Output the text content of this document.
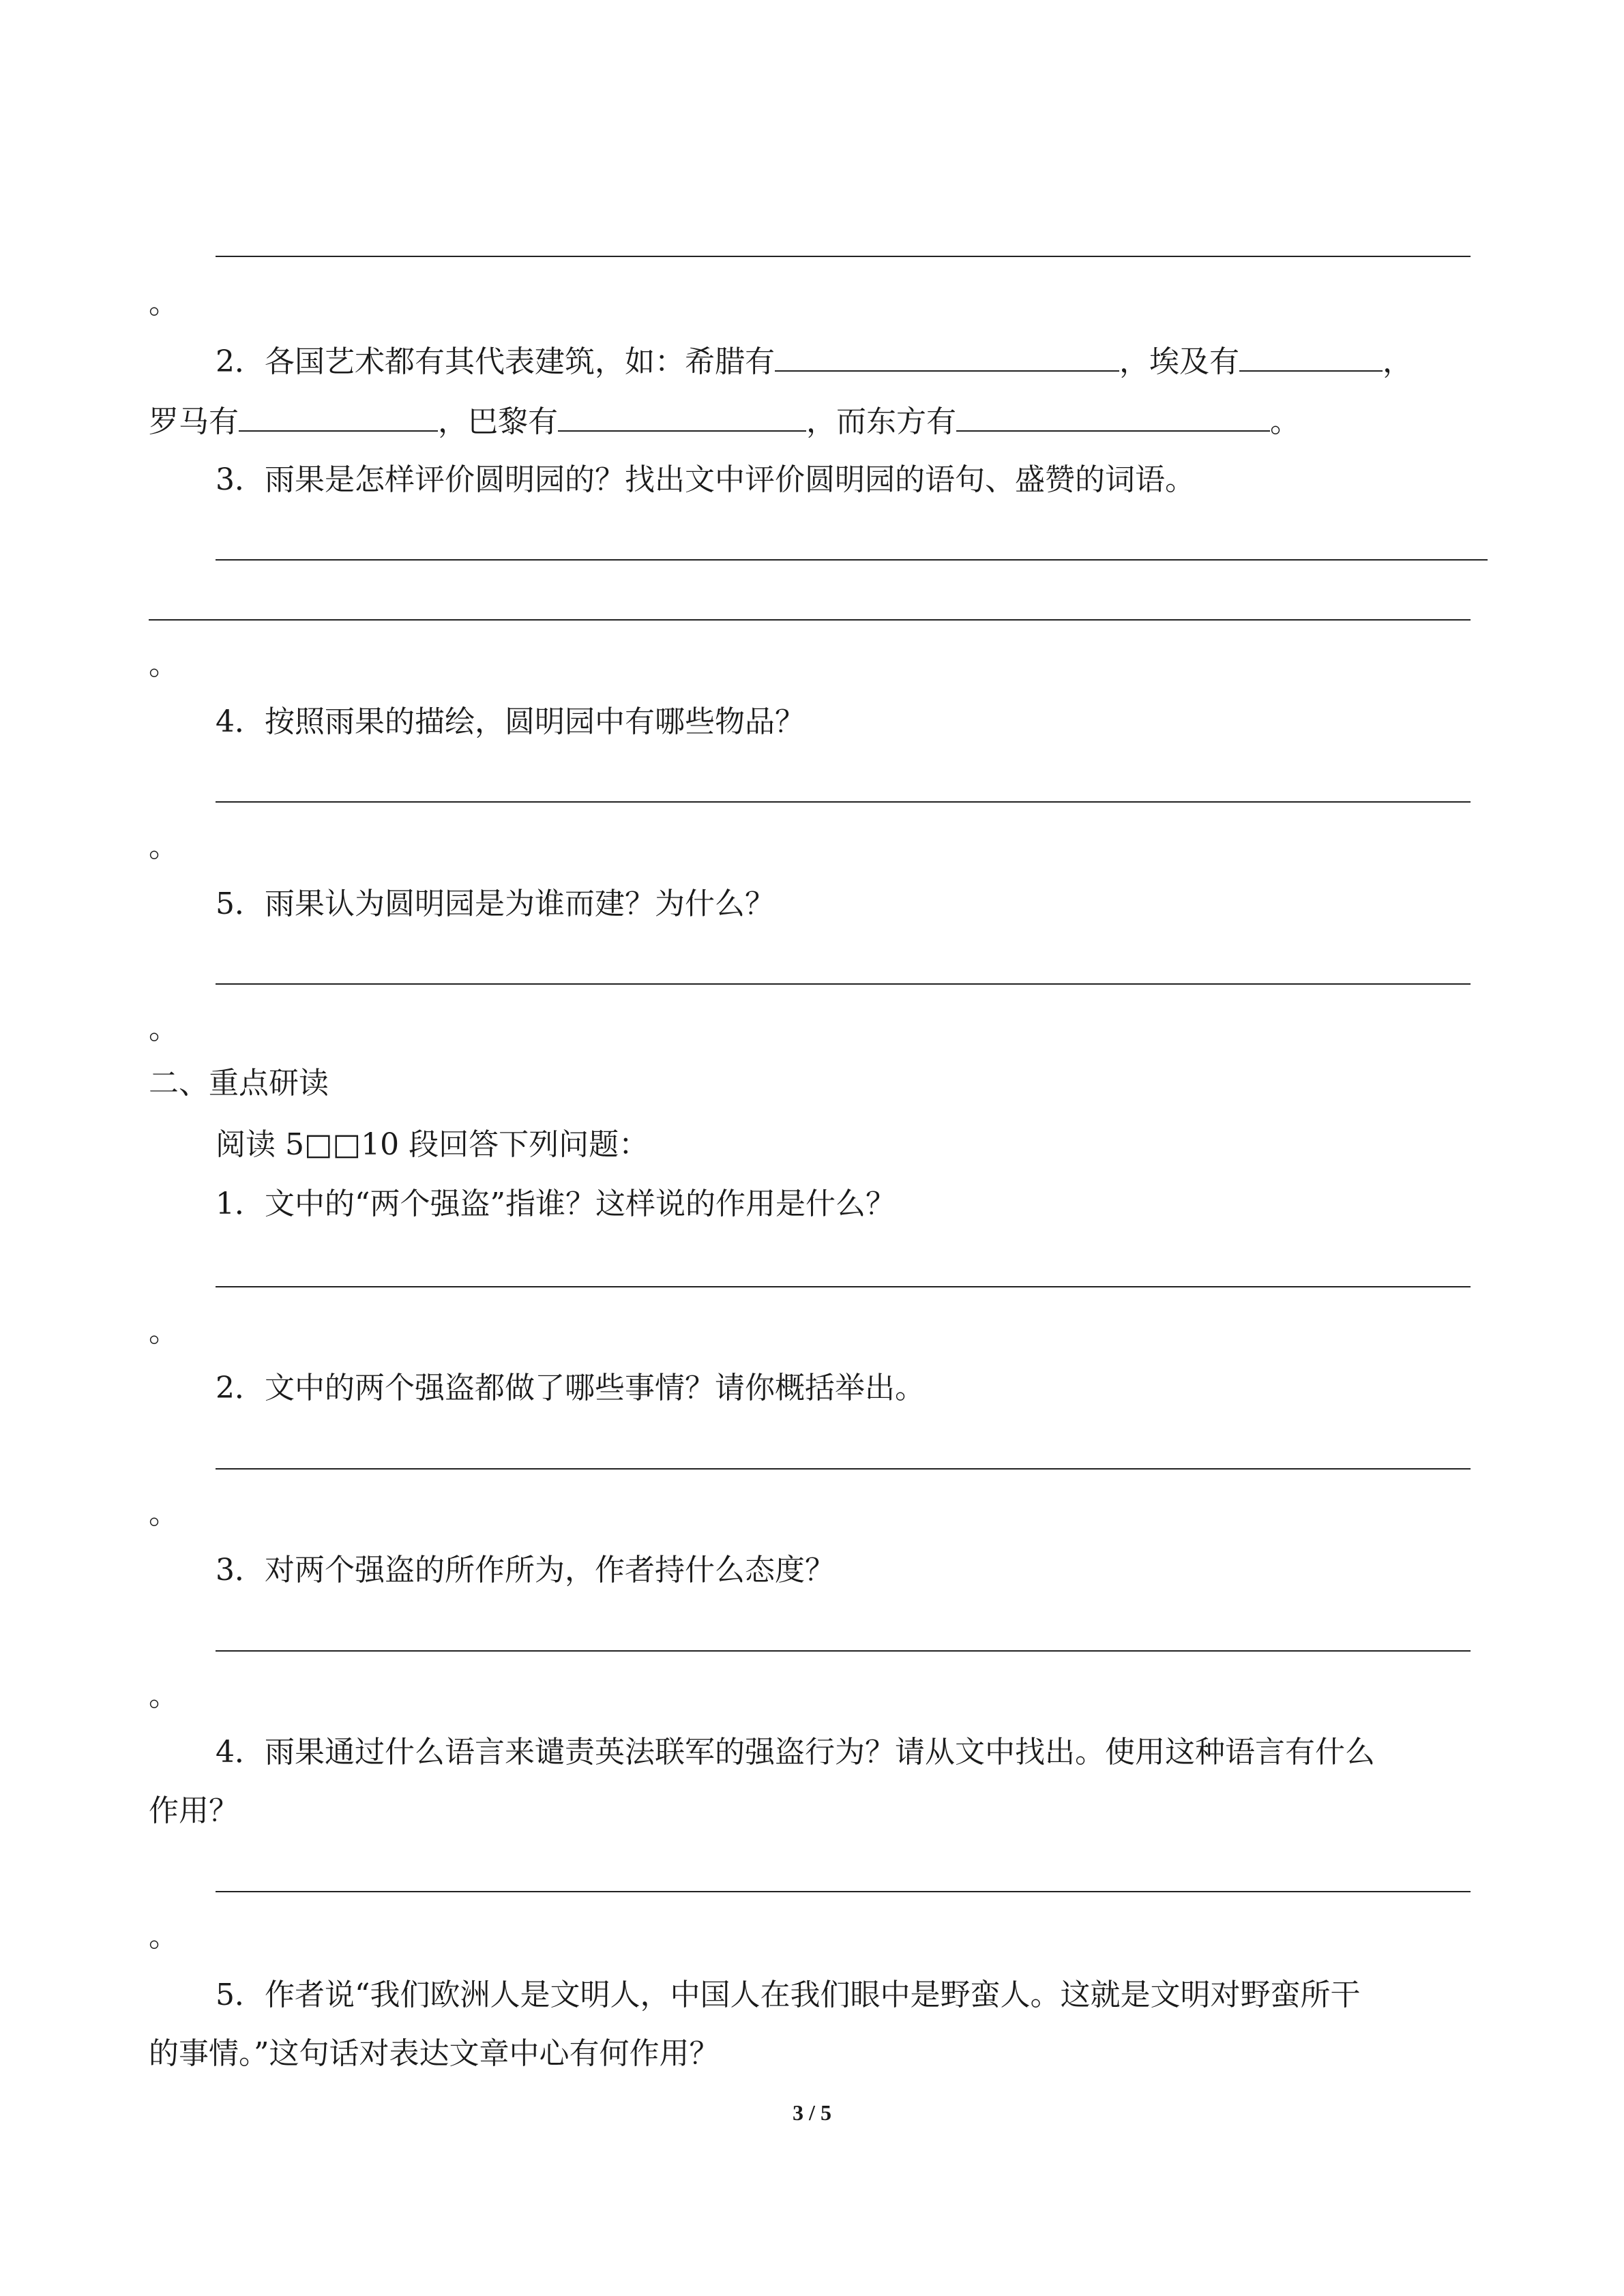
。

2．各国艺术都有其代表建筑，如：希腊有	，埃及有	，

罗马有	，巴黎有	，而东方有	。

3．雨果是怎样评价圆明园的？找出文中评价圆明园的语句、盛赞的词语。

。

4．按照雨果的描绘，圆明园中有哪些物品？

。

5．雨果认为圆明园是为谁而建？为什么？

。

二、重点研读

阅读 5□□10 段回答下列问题：

1．文中的“两个强盗”指谁？这样说的作用是什么？

。

2．文中的两个强盗都做了哪些事情？请你概括举出。

。

3．对两个强盗的所作所为，作者持什么态度？

。

4．雨果通过什么语言来谴责英法联军的强盗行为？请从文中找出。使用这种语言有什么

作用？

。

5．作者说“我们欧洲人是文明人，中国人在我们眼中是野蛮人。这就是文明对野蛮所干

的事情。”这句话对表达文章中心有何作用？

3 / 5
